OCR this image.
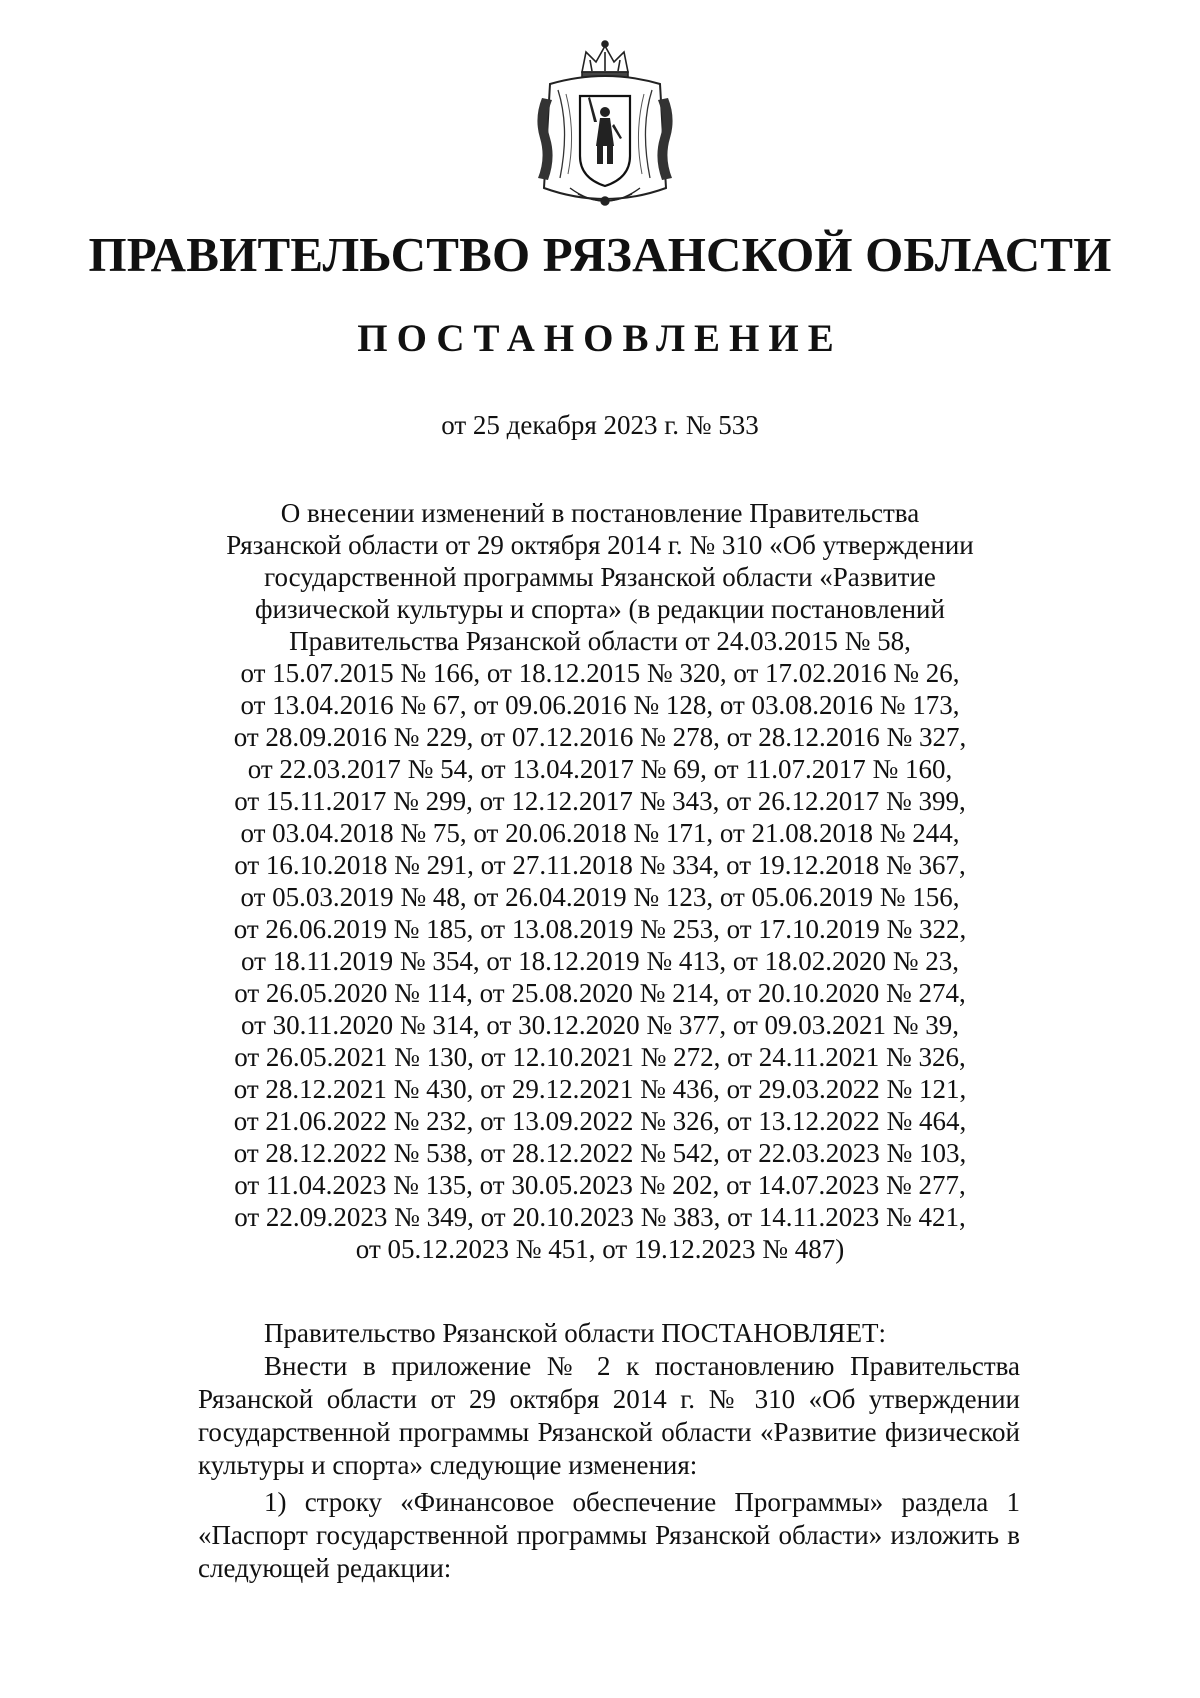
ПРАВИТЕЛЬСТВО РЯЗАНСКОЙ ОБЛАСТИ
ПОСТАНОВЛЕНИЕ
от 25 декабря 2023 г. № 533
О внесении изменений в постановление Правительства
Рязанской области от 29 октября 2014 г. № 310 «Об утверждении
государственной программы Рязанской области «Развитие
физической культуры и спорта» (в редакции постановлений
Правительства Рязанской области от 24.03.2015 № 58,
от 15.07.2015 № 166, от 18.12.2015 № 320, от 17.02.2016 № 26,
от 13.04.2016 № 67, от 09.06.2016 № 128, от 03.08.2016 № 173,
от 28.09.2016 № 229, от 07.12.2016 № 278, от 28.12.2016 № 327,
от 22.03.2017 № 54, от 13.04.2017 № 69, от 11.07.2017 № 160,
от 15.11.2017 № 299, от 12.12.2017 № 343, от 26.12.2017 № 399,
от 03.04.2018 № 75, от 20.06.2018 № 171, от 21.08.2018 № 244,
от 16.10.2018 № 291, от 27.11.2018 № 334, от 19.12.2018 № 367,
от 05.03.2019 № 48, от 26.04.2019 № 123, от 05.06.2019 № 156,
от 26.06.2019 № 185, от 13.08.2019 № 253, от 17.10.2019 № 322,
от 18.11.2019 № 354, от 18.12.2019 № 413, от 18.02.2020 № 23,
от 26.05.2020 № 114, от 25.08.2020 № 214, от 20.10.2020 № 274,
от 30.11.2020 № 314, от 30.12.2020 № 377, от 09.03.2021 № 39,
от 26.05.2021 № 130, от 12.10.2021 № 272, от 24.11.2021 № 326,
от 28.12.2021 № 430, от 29.12.2021 № 436, от 29.03.2022 № 121,
от 21.06.2022 № 232, от 13.09.2022 № 326, от 13.12.2022 № 464,
от 28.12.2022 № 538, от 28.12.2022 № 542, от 22.03.2023 № 103,
от 11.04.2023 № 135, от 30.05.2023 № 202, от 14.07.2023 № 277,
от 22.09.2023 № 349, от 20.10.2023 № 383, от 14.11.2023 № 421,
от 05.12.2023 № 451, от 19.12.2023 № 487)
Правительство Рязанской области ПОСТАНОВЛЯЕТ:

Внести в приложение № 2 к постановлению Правительства Рязанской области от 29 октября 2014 г. № 310 «Об утверждении государственной программы Рязанской области «Развитие физической культуры и спорта» следующие изменения:

1) строку «Финансовое обеспечение Программы» раздела 1 «Паспорт государственной программы Рязанской области» изложить в следующей редакции:
